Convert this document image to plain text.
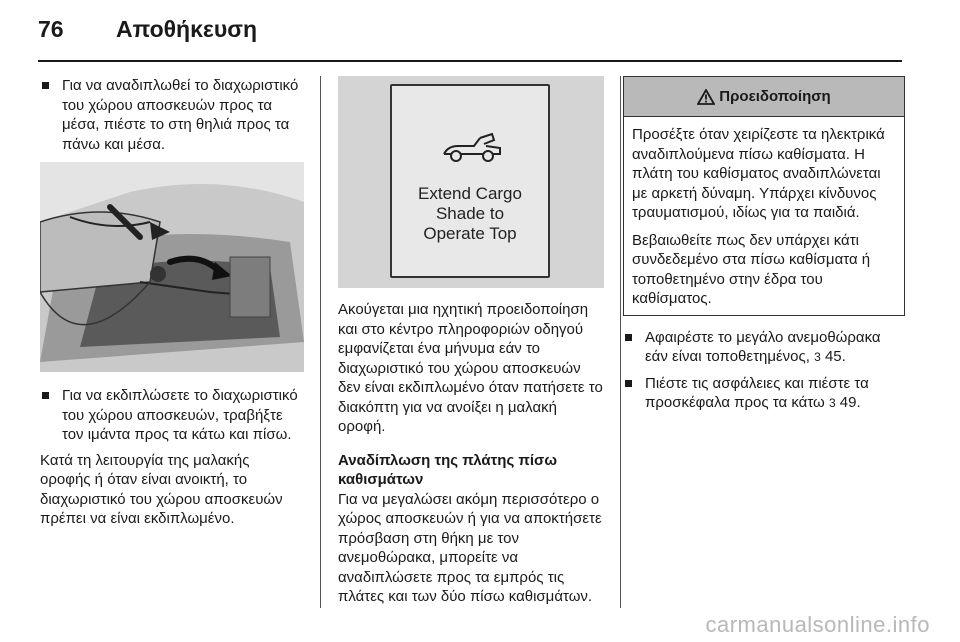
76 Αποθήκευση
Για να αναδιπλωθεί το διαχωριστικό του χώρου αποσκευών προς τα μέσα, πιέστε το στη θηλιά προς τα πάνω και μέσα.
Για να εκδιπλώσετε το διαχωριστικό του χώρου αποσκευών, τραβήξτε τον ιμάντα προς τα κάτω και πίσω.
Κατά τη λειτουργία της μαλακής οροφής ή όταν είναι ανοικτή, το διαχωριστικό του χώρου αποσκευών πρέπει να είναι εκδιπλωμένο.
Extend Cargo
Shade to
Operate Top
Ακούγεται μια ηχητική προειδοποίηση και στο κέντρο πληροφοριών οδηγού εμφανίζεται ένα μήνυμα εάν το διαχωριστικό του χώρου αποσκευών δεν είναι εκδιπλωμένο όταν πατήσετε το διακόπτη για να ανοίξει η μαλακή οροφή.
Αναδίπλωση της πλάτης πίσω καθισμάτων
Για να μεγαλώσει ακόμη περισσότερο ο χώρος αποσκευών ή για να αποκτήσετε πρόσβαση στη θήκη με τον ανεμοθώρακα, μπορείτε να αναδιπλώσετε προς τα εμπρός τις πλάτες και των δύο πίσω καθισμάτων.
Προειδοποίηση
Προσέξτε όταν χειρίζεστε τα ηλεκτρικά αναδιπλούμενα πίσω καθίσματα. Η πλάτη του καθίσματος αναδιπλώνεται με αρκετή δύναμη. Υπάρχει κίνδυνος τραυματισμού, ιδίως για τα παιδιά.
Βεβαιωθείτε πως δεν υπάρχει κάτι συνδεδεμένο στα πίσω καθίσματα ή τοποθετημένο στην έδρα του καθίσματος.
Αφαιρέστε το μεγάλο ανεμοθώρακα εάν είναι τοποθετημένος, 3 45.
Πιέστε τις ασφάλειες και πιέστε τα προσκέφαλα προς τα κάτω 3 49.
carmanualsonline.info
